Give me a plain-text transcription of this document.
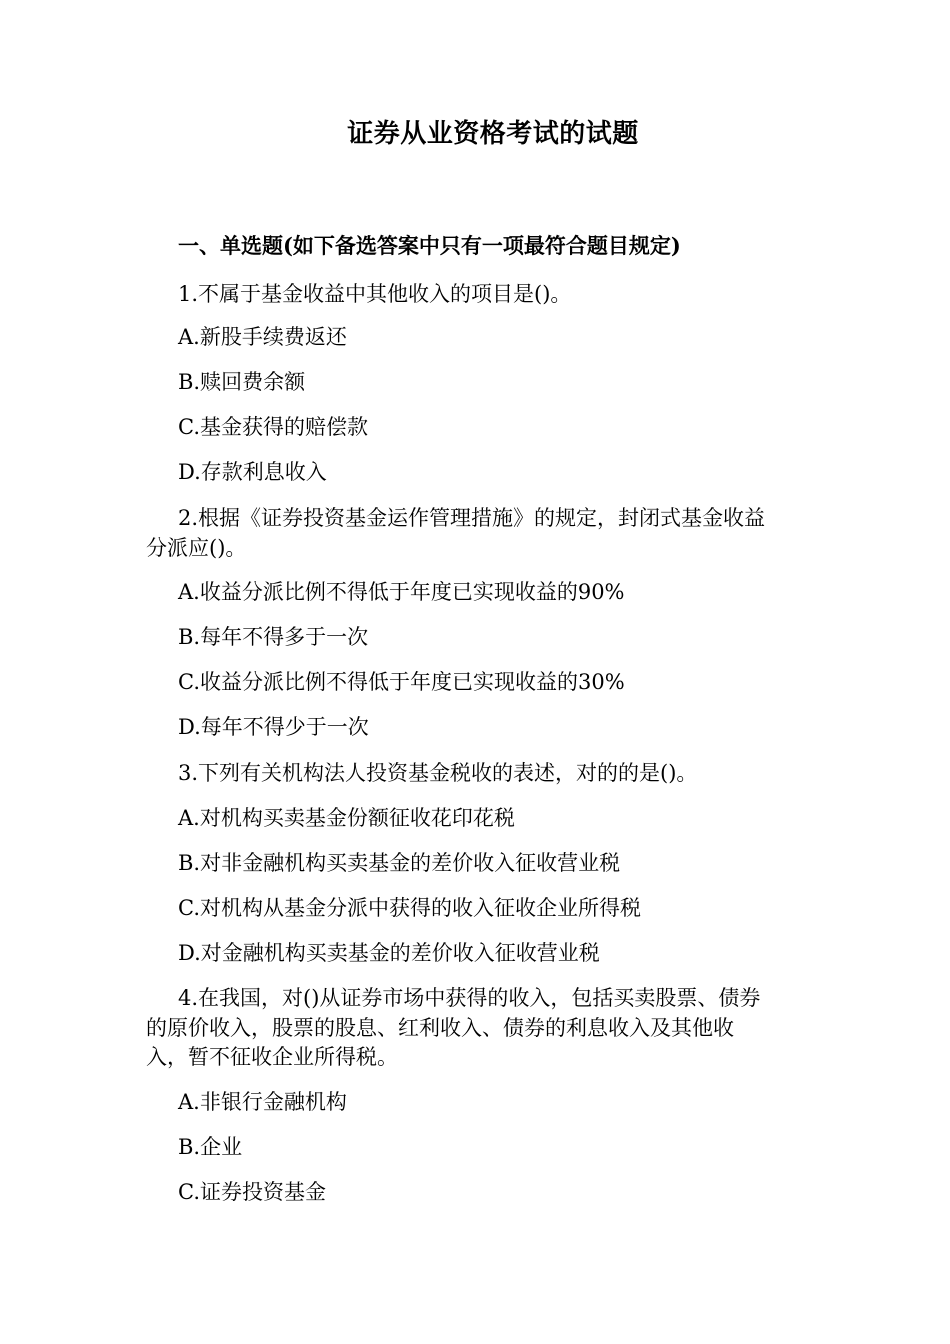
证券从业资格考试的试题
一、单选题(如下备选答案中只有一项最符合题目规定)
1.不属于基金收益中其他收入的项目是()。
A.新股手续费返还
B.赎回费余额
C.基金获得的赔偿款
D.存款利息收入
2.根据《证券投资基金运作管理措施》的规定，封闭式基金收益
分派应()。
A.收益分派比例不得低于年度已实现收益的90%
B.每年不得多于一次
C.收益分派比例不得低于年度已实现收益的30%
D.每年不得少于一次
3.下列有关机构法人投资基金税收的表述，对的的是()。
A.对机构买卖基金份额征收花印花税
B.对非金融机构买卖基金的差价收入征收营业税
C.对机构从基金分派中获得的收入征收企业所得税
D.对金融机构买卖基金的差价收入征收营业税
4.在我国，对()从证券市场中获得的收入，包括买卖股票、债券
的原价收入，股票的股息、红利收入、债券的利息收入及其他收
入，暂不征收企业所得税。
A.非银行金融机构
B.企业
C.证券投资基金
